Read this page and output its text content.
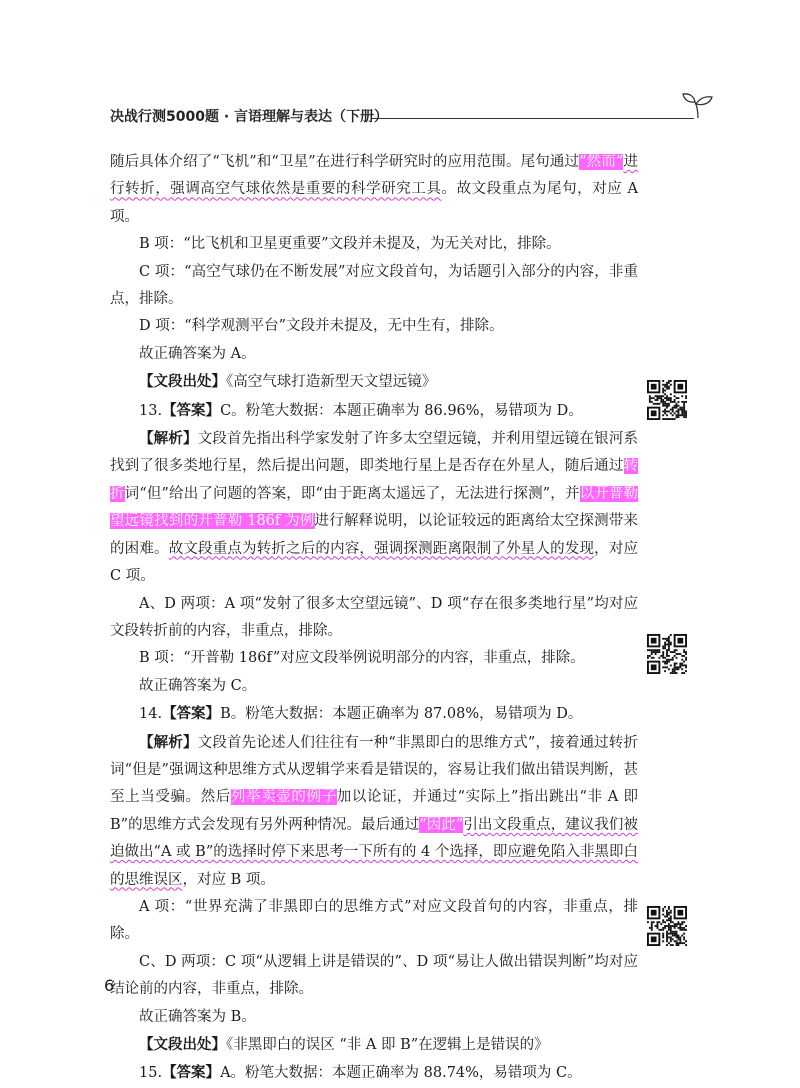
决战行测5000题 · 言语理解与表达（下册）

随后具体介绍了“飞机”和“卫星”在进行科学研究时的应用范围。尾句通过“然而”进行转折，强调高空气球依然是重要的科学研究工具。故文段重点为尾句，对应 A 项。

B 项：“比飞机和卫星更重要”文段并未提及，为无关对比，排除。

C 项：“高空气球仍在不断发展”对应文段首句，为话题引入部分的内容，非重点，排除。

D 项：“科学观测平台”文段并未提及，无中生有，排除。

故正确答案为 A。

【文段出处】《高空气球打造新型天文望远镜》

13.【答案】C。粉笔大数据：本题正确率为 86.96%，易错项为 D。

【解析】文段首先指出科学家发射了许多太空望远镜，并利用望远镜在银河系找到了很多类地行星，然后提出问题，即类地行星上是否存在外星人，随后通过转折词“但”给出了问题的答案，即“由于距离太遥远了，无法进行探测”，并以开普勒望远镜找到的开普勒 186f 为例进行解释说明，以论证较远的距离给太空探测带来的困难。故文段重点为转折之后的内容，强调探测距离限制了外星人的发现，对应 C 项。

A、D 两项：A 项“发射了很多太空望远镜”、D 项“存在很多类地行星”均对应文段转折前的内容，非重点，排除。

B 项：“开普勒 186f”对应文段举例说明部分的内容，非重点，排除。

故正确答案为 C。

14.【答案】B。粉笔大数据：本题正确率为 87.08%，易错项为 D。

【解析】文段首先论述人们往往有一种“非黑即白的思维方式”，接着通过转折词“但是”强调这种思维方式从逻辑学来看是错误的，容易让我们做出错误判断，甚至上当受骗。然后列举卖壶的例子加以论证，并通过“实际上”指出跳出“非 A 即 B”的思维方式会发现有另外两种情况。最后通过“因此”引出文段重点，建议我们被迫做出“A 或 B”的选择时停下来思考一下所有的 4 个选择，即应避免陷入非黑即白的思维误区，对应 B 项。

A 项：“世界充满了非黑即白的思维方式”对应文段首句的内容，非重点，排除。

C、D 两项：C 项“从逻辑上讲是错误的”、D 项“易让人做出错误判断”均对应结论前的内容，非重点，排除。

故正确答案为 B。

【文段出处】《非黑即白的误区 “非 A 即 B”在逻辑上是错误的》

15.【答案】A。粉笔大数据：本题正确率为 88.74%，易错项为 C。

6
